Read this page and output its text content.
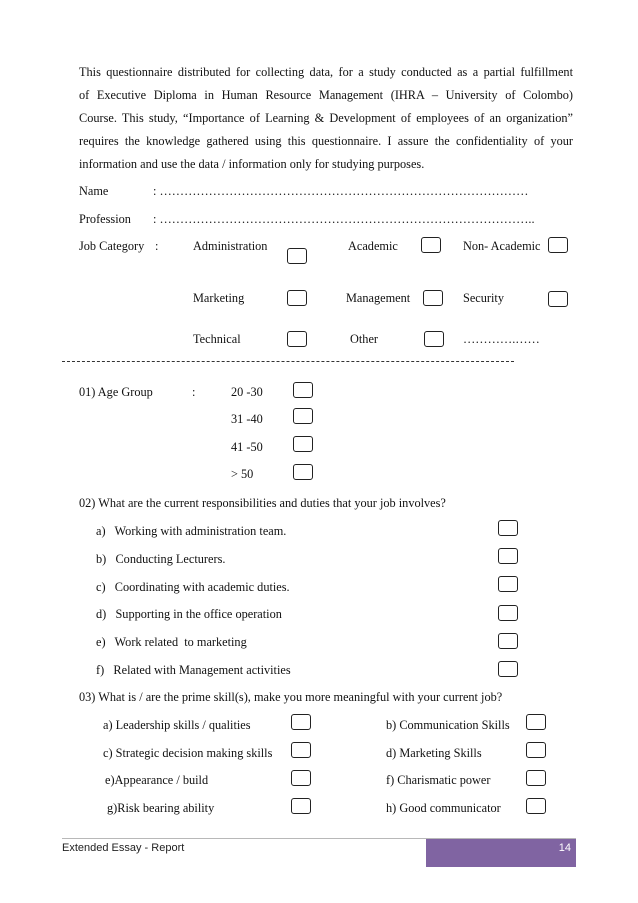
This questionnaire distributed for collecting data, for a study conducted as a partial fulfillment
of Executive Diploma in Human Resource Management (IHRA – University of Colombo)
Course. This study, “Importance of Learning & Development of employees of an organization”
requires the knowledge gathered using this questionnaire. I assure the confidentiality of your
information and use the data / information only for studying purposes.
Name	: ………………………………………………………………………………
Profession : ………………………………………………………………………………..
Job Category :	Administration	Academic	Non- Academic
Marketing	Management	Security
Technical	Other	………….……
01) Age Group	:	20 -30
31 -40
41 -50
> 50
02) What are the current responsibilities and duties that your job involves?
a)   Working with administration team.
b)   Conducting Lecturers.
c)   Coordinating with academic duties.
d)   Supporting in the office operation
e)   Work related  to marketing
f)   Related with Management activities
03) What is / are the prime skill(s), make you more meaningful with your current job?
a) Leadership skills / qualities	b) Communication Skills
c) Strategic decision making skills	d) Marketing Skills
e)Appearance / build	f) Charismatic power
g)Risk bearing ability	h) Good communicator
Extended Essay - Report	14
